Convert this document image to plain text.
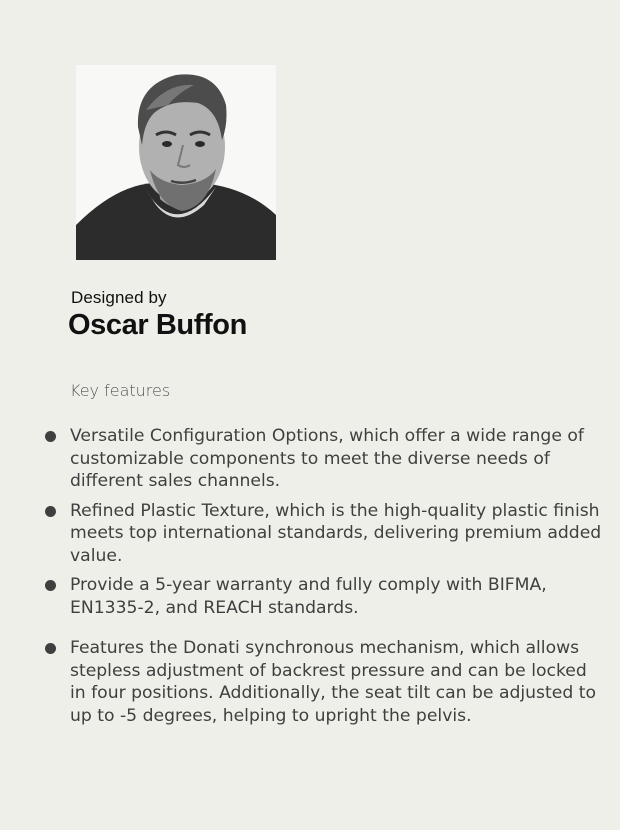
Designed by
Oscar Buffon
Key features
Versatile Configuration Options, which offer a wide range of customizable components to meet the diverse needs of different sales channels.
Refined Plastic Texture, which is the high-quality plastic finish meets top international standards, delivering premium added value.
Provide a 5-year warranty and fully comply with BIFMA, EN1335-2, and REACH standards.
Features the Donati synchronous mechanism, which allows stepless adjustment of backrest pressure and can be locked in four positions. Additionally, the seat tilt can be adjusted to up to -5 degrees, helping to upright the pelvis.
